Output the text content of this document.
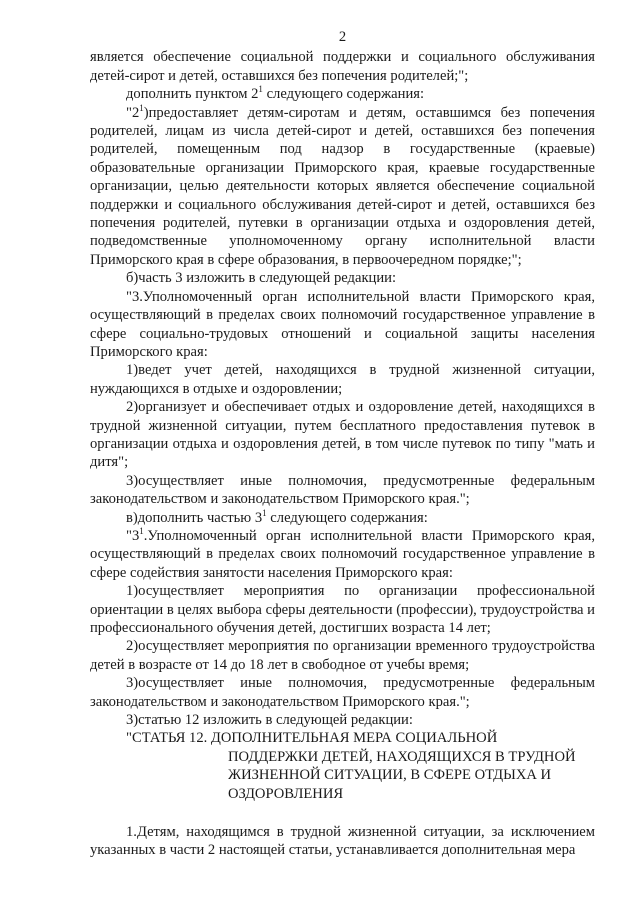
2

является обеспечение социальной поддержки и социального обслуживания детей-сирот и детей, оставшихся без попечения родителей;";

дополнить пунктом $2^1$ следующего содержания:

"$2^1)предоставляет$ детям-сиротам и детям, оставшимся без попечения родителей, лицам из числа детей-сирот и детей, оставшихся без попечения родителей, помещенным под надзор в государственные (краевые) образовательные организации Приморского края, краевые государственные организации, целью деятельности которых является обеспечение социальной поддержки и социального обслуживания детей-сирот и детей, оставшихся без попечения родителей, путевки в организации отдыха и оздоровления детей, подведомственные уполномоченному органу исполнительной власти Приморского края в сфере образования, в первоочередном порядке;";

б)часть 3 изложить в следующей редакции:

"3.Уполномоченный орган исполнительной власти Приморского края, осуществляющий в пределах своих полномочий государственное управление в сфере социально-трудовых отношений и социальной защиты населения Приморского края:

1)ведет учет детей, находящихся в трудной жизненной ситуации, нуждающихся в отдыхе и оздоровлении;

2)организует и обеспечивает отдых и оздоровление детей, находящихся в трудной жизненной ситуации, путем бесплатного предоставления путевок в организации отдыха и оздоровления детей, в том числе путевок по типу "мать и дитя";

3)осуществляет иные полномочия, предусмотренные федеральным законодательством и законодательством Приморского края.";

в)дополнить частью $3^1$ следующего содержания:

"$3^1.Уполномоченный$ орган исполнительной власти Приморского края, осуществляющий в пределах своих полномочий государственное управление в сфере содействия занятости населения Приморского края:

1)осуществляет мероприятия по организации профессиональной ориентации в целях выбора сферы деятельности (профессии), трудоустройства и профессионального обучения детей, достигших возраста 14 лет;

2)осуществляет мероприятия по организации временного трудоустройства детей в возрасте от 14 до 18 лет в свободное от учебы время;

3)осуществляет иные полномочия, предусмотренные федеральным законодательством и законодательством Приморского края.";

3)статью 12 изложить в следующей редакции:

"СТАТЬЯ 12. ДОПОЛНИТЕЛЬНАЯ МЕРА СОЦИАЛЬНОЙ

ПОДДЕРЖКИ ДЕТЕЙ, НАХОДЯЩИХСЯ В ТРУДНОЙ ЖИЗНЕННОЙ СИТУАЦИИ, В СФЕРЕ ОТДЫХА И ОЗДОРОВЛЕНИЯ

1.Детям, находящимся в трудной жизненной ситуации, за исключением указанных в части 2 настоящей статьи, устанавливается дополнительная мера
